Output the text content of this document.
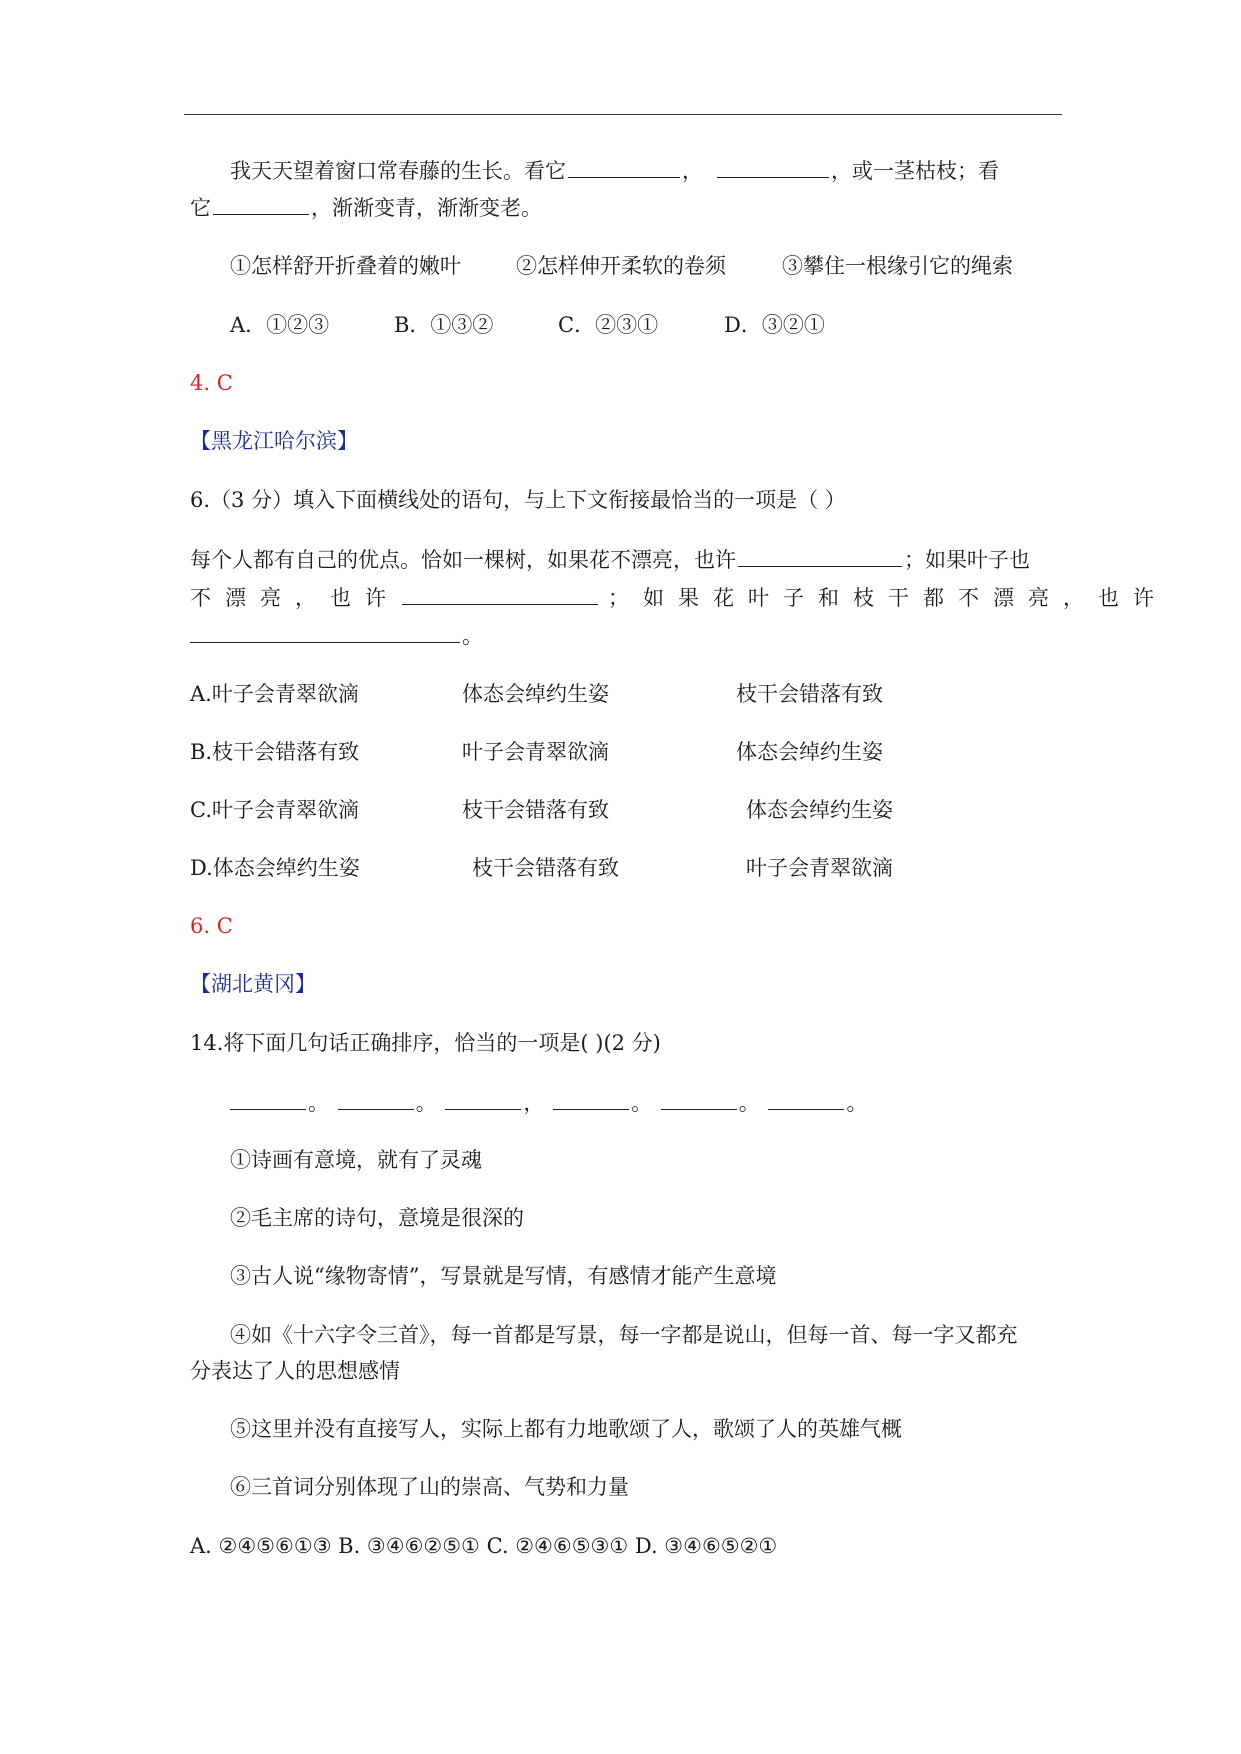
我天天望着窗口常春藤的生长。看它	，	，或一茎枯枝；看
它	，渐渐变青，渐渐变老。
①怎样舒开折叠着的嫩叶	②怎样伸开柔软的卷须	③攀住一根缘引它的绳索
A．①②③	B．①③②	C．②③①	D．③②①
4. C
【黑龙江哈尔滨】
6.（3 分）填入下面横线处的语句，与上下文衔接最恰当的一项是（ ）
每个人都有自己的优点。恰如一棵树，如果花不漂亮，也许	；如果叶子也
不漂亮，也许	；如果花叶子和枝干都不漂亮，也许
。
A.叶子会青翠欲滴	体态会绰约生姿	枝干会错落有致
B.枝干会错落有致	叶子会青翠欲滴	体态会绰约生姿
C.叶子会青翠欲滴	枝干会错落有致	体态会绰约生姿
D.体态会绰约生姿	枝干会错落有致	叶子会青翠欲滴
6. C
【湖北黄冈】
14.将下面几句话正确排序，恰当的一项是( )(2 分)
。	。	，	。	。	。
①诗画有意境，就有了灵魂
②毛主席的诗句，意境是很深的
③古人说“缘物寄情”，写景就是写情，有感情才能产生意境
④如《十六字令三首》，每一首都是写景，每一字都是说山，但每一首、每一字又都充
分表达了人的思想感情
⑤这里并没有直接写人，实际上都有力地歌颂了人，歌颂了人的英雄气概
⑥三首词分别体现了山的崇高、气势和力量
A. ②④⑤⑥①③ B. ③④⑥②⑤① C. ②④⑥⑤③① D. ③④⑥⑤②①
